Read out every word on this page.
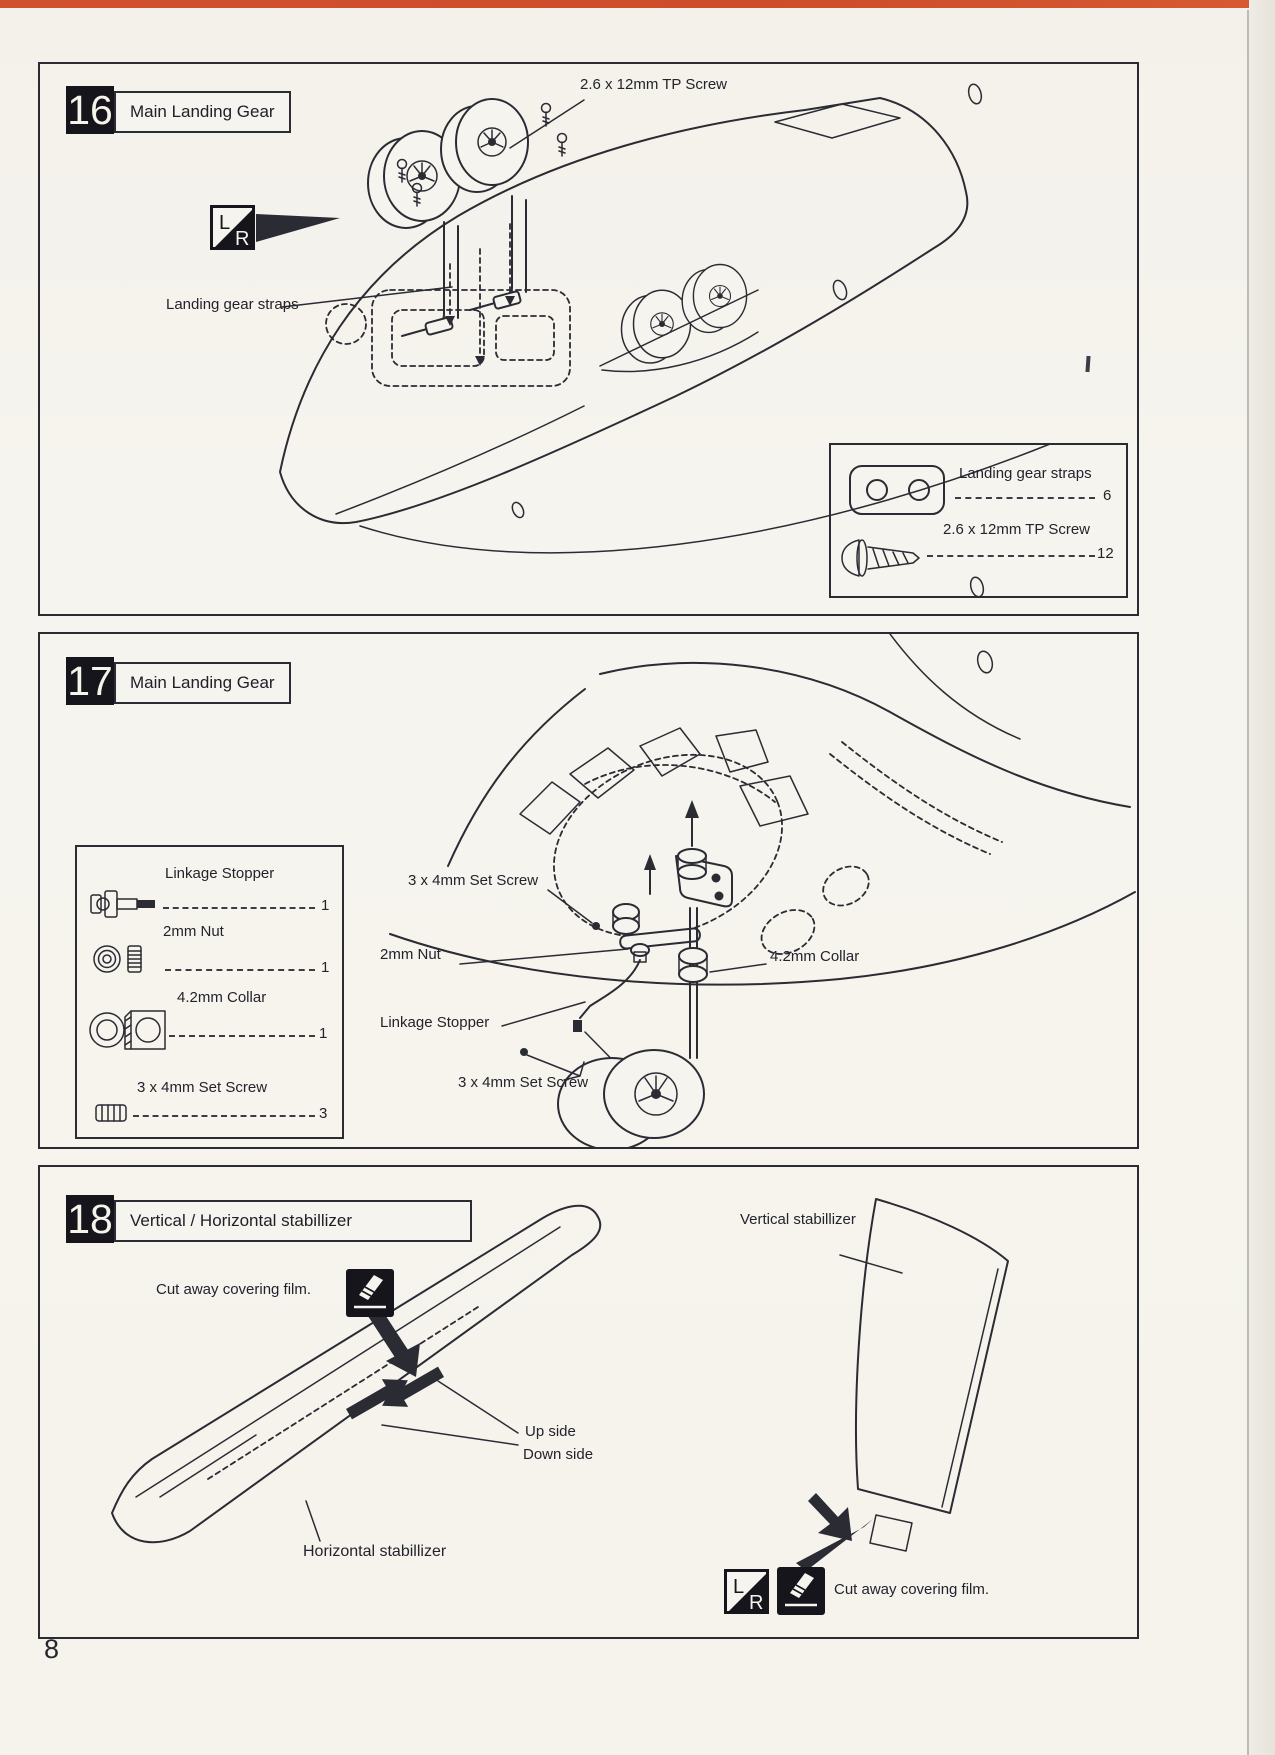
16 Main Landing Gear
2.6 x 12mm TP Screw
Landing gear straps
L
R
Landing gear straps
6
2.6 x 12mm TP Screw
12
17 Main Landing Gear
3 x 4mm Set Screw
2mm Nut	4.2mm Collar
Linkage Stopper
3 x 4mm Set Screw
Linkage Stopper
1
2mm Nut
1
4.2mm Collar
1
3 x 4mm Set Screw
3
18 Vertical / Horizontal stabillizer
Cut away covering film.
Vertical stabillizer
Up side
Down side
Horizontal stabillizer
L
R
Cut away covering film.
8
